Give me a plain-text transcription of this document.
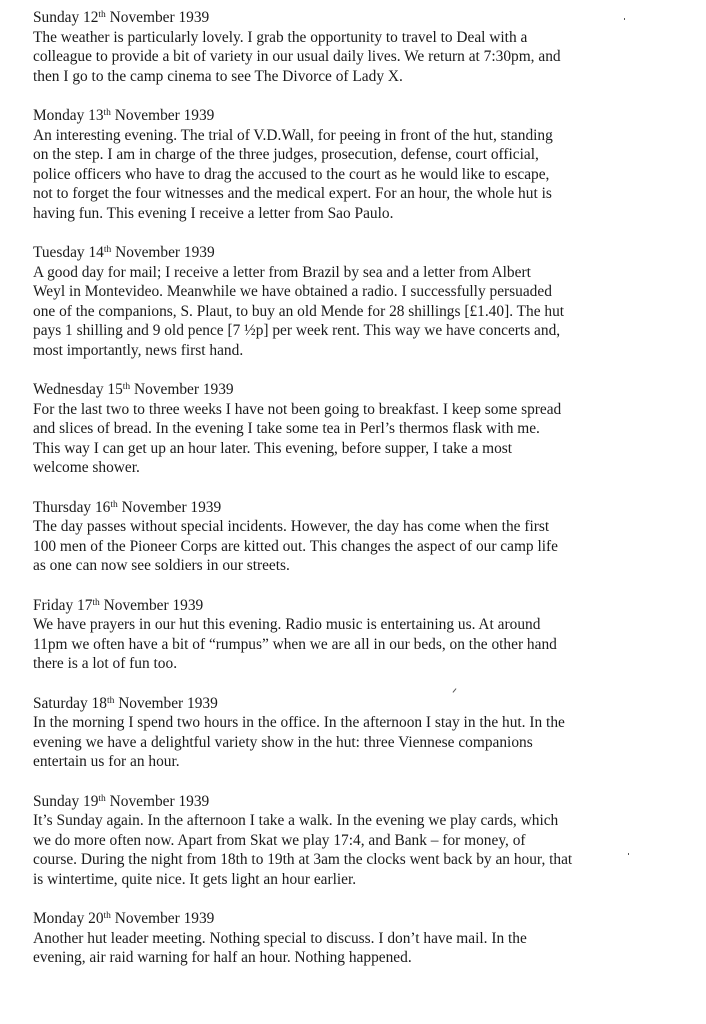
Sunday 12th November 1939
The weather is particularly lovely. I grab the opportunity to travel to Deal with a
colleague to provide a bit of variety in our usual daily lives. We return at 7:30pm, and
then I go to the camp cinema to see The Divorce of Lady X.
Monday 13th November 1939
An interesting evening. The trial of V.D.Wall, for peeing in front of the hut, standing
on the step. I am in charge of the three judges, prosecution, defense, court official,
police officers who have to drag the accused to the court as he would like to escape,
not to forget the four witnesses and the medical expert. For an hour, the whole hut is
having fun. This evening I receive a letter from Sao Paulo.
Tuesday 14th November 1939
A good day for mail; I receive a letter from Brazil by sea and a letter from Albert
Weyl in Montevideo. Meanwhile we have obtained a radio. I successfully persuaded
one of the companions, S. Plaut, to buy an old Mende for 28 shillings [£1.40]. The hut
pays 1 shilling and 9 old pence [7 ½p] per week rent. This way we have concerts and,
most importantly, news first hand.
Wednesday 15th November 1939
For the last two to three weeks I have not been going to breakfast. I keep some spread
and slices of bread. In the evening I take some tea in Perl’s thermos flask with me.
This way I can get up an hour later. This evening, before supper, I take a most
welcome shower.
Thursday 16th November 1939
The day passes without special incidents. However, the day has come when the first
100 men of the Pioneer Corps are kitted out. This changes the aspect of our camp life
as one can now see soldiers in our streets.
Friday 17th November 1939
We have prayers in our hut this evening. Radio music is entertaining us. At around
11pm we often have a bit of “rumpus” when we are all in our beds, on the other hand
there is a lot of fun too.
Saturday 18th November 1939
In the morning I spend two hours in the office. In the afternoon I stay in the hut. In the
evening we have a delightful variety show in the hut: three Viennese companions
entertain us for an hour.
Sunday 19th November 1939
It’s Sunday again. In the afternoon I take a walk. In the evening we play cards, which
we do more often now. Apart from Skat we play 17:4, and Bank – for money, of
course. During the night from 18th to 19th at 3am the clocks went back by an hour, that
is wintertime, quite nice. It gets light an hour earlier.
Monday 20th November 1939
Another hut leader meeting. Nothing special to discuss. I don’t have mail. In the
evening, air raid warning for half an hour. Nothing happened.
